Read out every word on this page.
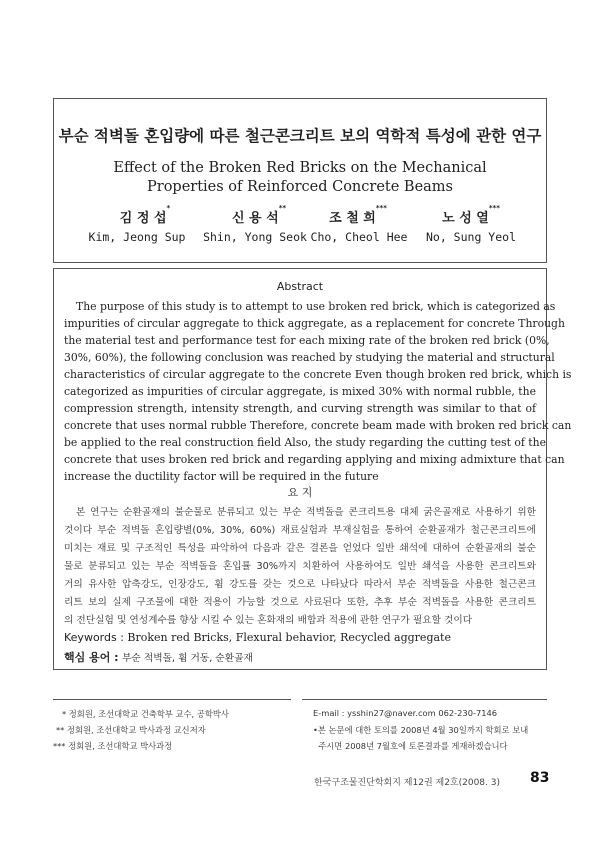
부순 적벽돌 혼입량에 따른 철근콘크리트 보의 역학적 특성에 관한 연구
Effect of the Broken Red Bricks on the Mechanical
Properties of Reinforced Concrete Beams
김 정 섭*
신 용 석**
조 철 희***
노 성 열***
Kim, Jeong Sup	Shin, Yong Seok Cho, Cheol Hee	No, Sung Yeol
Abstract
The purpose of this study is to attempt to use broken red brick, which is categorized as
impurities of circular aggregate to thick aggregate, as a replacement for concrete Through
the material test and performance test for each mixing rate of the broken red brick (0%,
30%, 60%), the following conclusion was reached by studying the material and structural
characteristics of circular aggregate to the concrete Even though broken red brick, which is
categorized as impurities of circular aggregate, is mixed 30% with normal rubble, the
compression strength, intensity strength, and curving strength was similar to that of
concrete that uses normal rubble Therefore, concrete beam made with broken red brick can
be applied to the real construction field Also, the study regarding the cutting test of the
concrete that uses broken red brick and regarding applying and mixing admixture that can
increase the ductility factor will be required in the future
요 지
본 연구는 순환골재의 불순물로 분류되고 있는 부순 적벽돌을 콘크리트용 대체 굵은골재로 사용하기 위한
것이다 부순 적벽돌 혼입량별(0%, 30%, 60%) 재료실험과 부재실험을 통하여 순환골재가 철근콘크리트에
미치는 재료 및 구조적인 특성을 파악하여 다음과 같은 결론을 얻었다 일반 쇄석에 대하여 순환골재의 불순
물로 분류되고 있는 부순 적벽돌을 혼입률 30%까지 치환하여 사용하여도 일반 쇄석을 사용한 콘크리트와
거의 유사한 압축강도, 인장강도, 휨 강도를 갖는 것으로 나타났다 따라서 부순 적벽돌을 사용한 철근콘크
리트 보의 실제 구조물에 대한 적용이 가능할 것으로 사료된다 또한, 추후 부순 적벽돌을 사용한 콘크리트
의 전단실험 및 연성계수를 향상 시킬 수 있는 혼화재의 배합과 적용에 관한 연구가 필요할 것이다
Keywords : Broken red Bricks, Flexural behavior, Recycled aggregate
핵심 용어 : 부순 적벽돌, 휨 거동, 순환골재
* 정회원, 조선대학교 건축학부 교수, 공학박사
** 정회원, 조선대학교 박사과정 교신저자
*** 정회원, 조선대학교 박사과정
E-mail : ysshin27@naver.com 062-230-7146
•본 논문에 대한 토의를 2008년 4월 30일까지 학회로 보내
주시면 2008년 7월호에 토론결과를 게재하겠습니다
한국구조물진단학회지 제12권 제2호(2008. 3) 83
